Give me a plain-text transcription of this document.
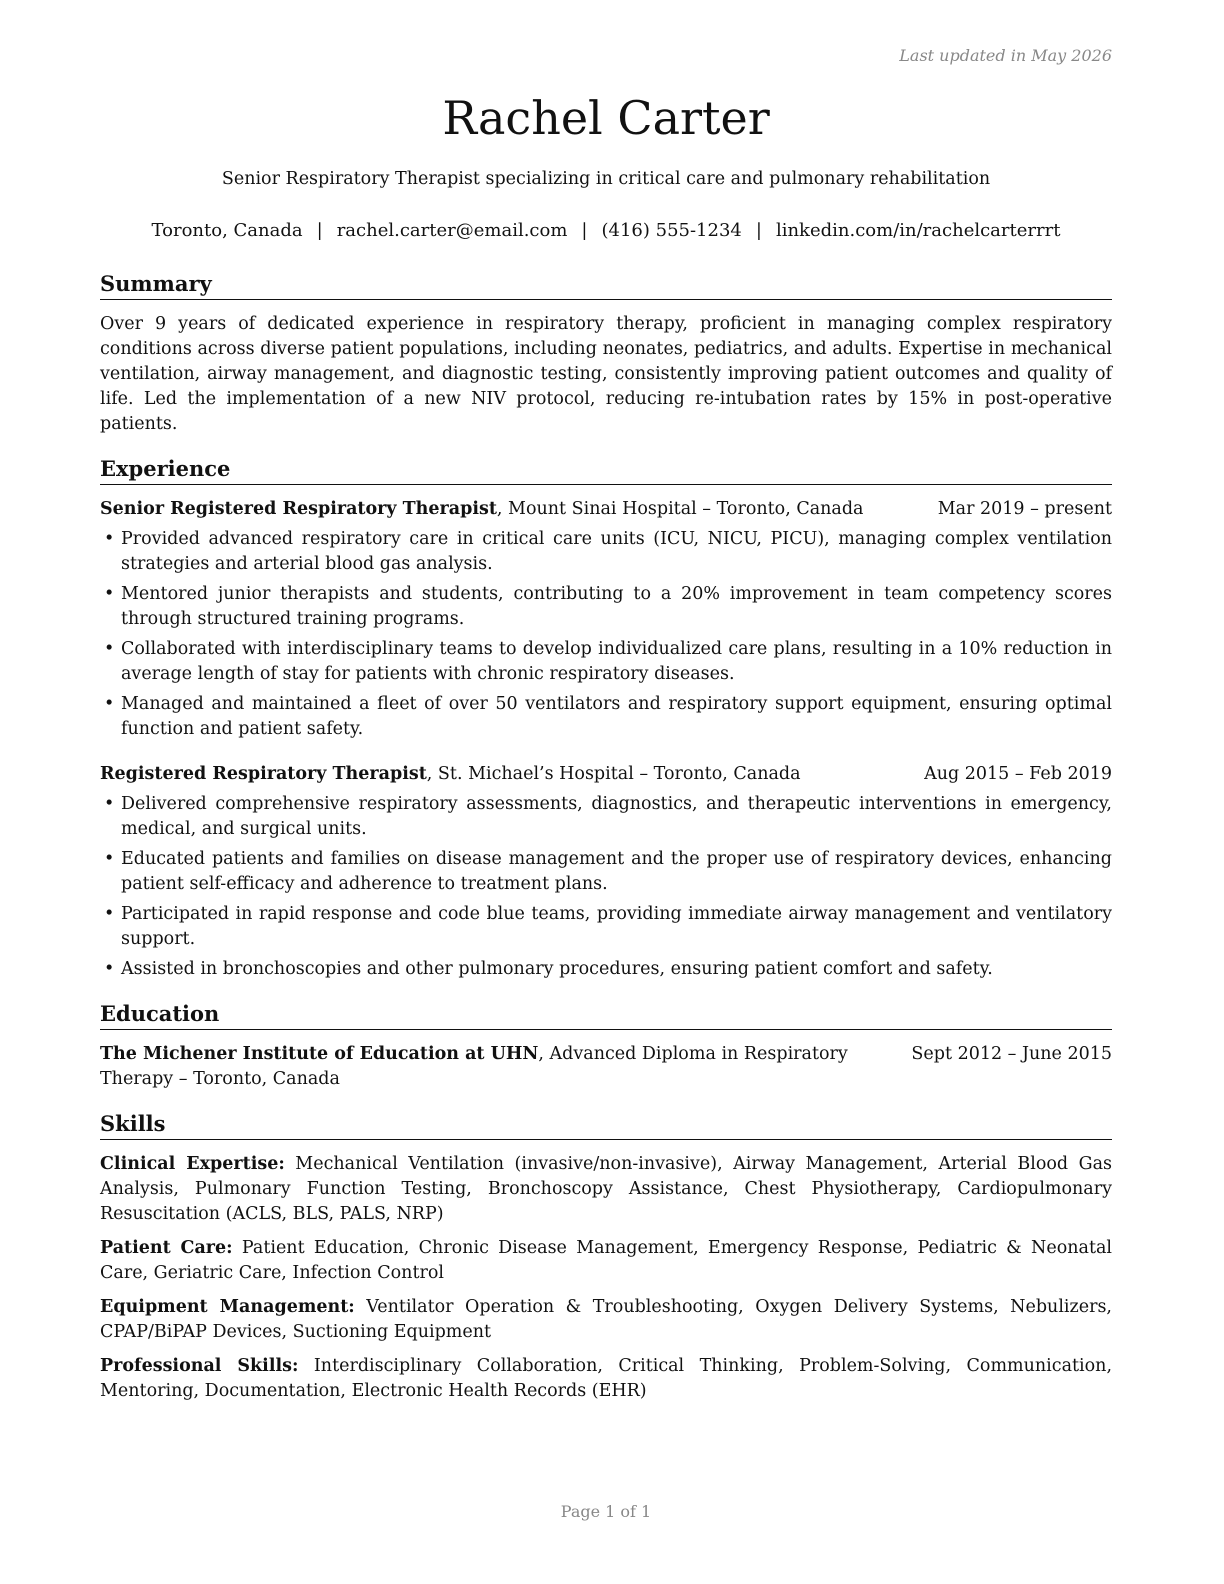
Last updated in May 2026
Rachel Carter
Senior Respiratory Therapist specializing in critical care and pulmonary rehabilitation
Toronto, Canada | rachel.carter@email.com | (416) 555-1234 | linkedin.com/in/rachelcarterrrt
Summary

Over 9 years of dedicated experience in respiratory therapy, proficient in managing complex respiratory conditions across diverse patient populations, including neonates, pediatrics, and adults. Expertise in mechanical ventilation, airway management, and diagnostic testing, consistently improving patient outcomes and quality of life. Led the implementation of a new NIV protocol, reducing re-intubation rates by 15% in post-operative patients.

Experience
Senior Registered Respiratory Therapist, Mount Sinai Hospital – Toronto, Canada	Mar 2019 – present
• Provided advanced respiratory care in critical care units (ICU, NICU, PICU), managing complex ventilation strategies and arterial blood gas analysis.
• Mentored junior therapists and students, contributing to a 20% improvement in team competency scores through structured training programs.
• Collaborated with interdisciplinary teams to develop individualized care plans, resulting in a 10% reduction in average length of stay for patients with chronic respiratory diseases.
• Managed and maintained a fleet of over 50 ventilators and respiratory support equipment, ensuring optimal function and patient safety.
Registered Respiratory Therapist, St. Michael’s Hospital – Toronto, Canada	Aug 2015 – Feb 2019
• Delivered comprehensive respiratory assessments, diagnostics, and therapeutic interventions in emergency, medical, and surgical units.
• Educated patients and families on disease management and the proper use of respiratory devices, enhancing patient self-efficacy and adherence to treatment plans.
• Participated in rapid response and code blue teams, providing immediate airway management and ventilatory support.
• Assisted in bronchoscopies and other pulmonary procedures, ensuring patient comfort and safety.
Education
The Michener Institute of Education at UHN, Advanced Diploma in Respiratory Therapy – Toronto, Canada
Sept 2012 – June 2015
Skills

Clinical Expertise: Mechanical Ventilation (invasive/non-invasive), Airway Management, Arterial Blood Gas Analysis, Pulmonary Function Testing, Bronchoscopy Assistance, Chest Physiotherapy, Cardiopulmonary Resuscitation (ACLS, BLS, PALS, NRP)

Patient Care: Patient Education, Chronic Disease Management, Emergency Response, Pediatric & Neonatal Care, Geriatric Care, Infection Control

Equipment Management: Ventilator Operation & Troubleshooting, Oxygen Delivery Systems, Nebulizers, CPAP/BiPAP Devices, Suctioning Equipment

Professional Skills: Interdisciplinary Collaboration, Critical Thinking, Problem-Solving, Communication, Mentoring, Documentation, Electronic Health Records (EHR)

Page 1 of 1
